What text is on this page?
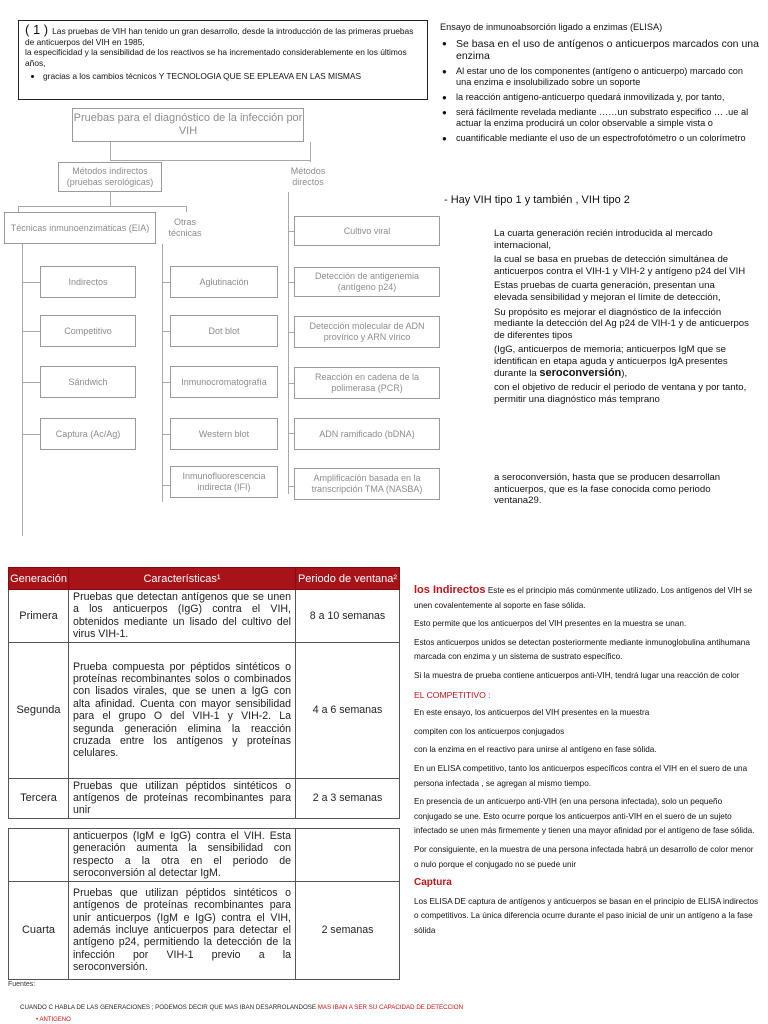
( 1 ) Las pruebas de VIH han tenido un gran desarrollo, desde la introducción de las primeras pruebas de anticuerpos del VIH en 1985,
la especificidad y la sensibilidad de los reactivos se ha incrementado considerablemente en los últimos años,
• gracias a los cambios técnicos Y TECNOLOGIA QUE SE EPLEAVA EN LAS MISMAS
Pruebas para el diagnóstico de la infección por VIH
Métodos indirectos (pruebas serológicas)
Métodos directos
Técnicas inmunoenzimáticas (EIA)
Otras técnicas
Indirectos
Competitivo
Sándwich
Captura (Ac/Ag)
Aglutinación
Dot blot
Inmunocromatografía
Western blot
Inmunofluorescencia indirecta (IFI)
Cultivo viral
Detección de antigenemia (antígeno p24)
Detección molecular de ADN provírico y ARN vírico
Reacción en cadena de la polimerasa (PCR)
ADN ramificado (bDNA)
Amplificación basada en la transcripción TMA (NASBA)
Ensayo de inmunoabsorción ligado a enzimas (ELISA)
● Se basa en el uso de antígenos o anticuerpos marcados con una enzima
● Al estar uno de los componentes (antígeno o anticuerpo) marcado con una enzima e insolubilizado sobre un soporte
● la reacción antígeno-anticuerpo quedará inmovilizada y, por tanto,
● será fácilmente revelada mediante ……un substrato especifico … .ue al actuar la enzima producirá un color observable a simple vista o
● cuantificable mediante el uso de un espectrofotómetro o un colorímetro
- Hay VIH tipo 1 y también , VIH tipo 2

La cuarta generación recién introducida al mercado internacional,

la cual se basa en pruebas de detección simultánea de anticuerpos contra el VIH-1 y VIH-2 y antígeno p24 del VIH

Estas pruebas de cuarta generación, presentan una elevada sensibilidad y mejoran el límite de detección,

Su propósito es mejorar el diagnóstico de la infección mediante la detección del Ag p24 de VIH-1 y de anticuerpos de diferentes tipos

(IgG, anticuerpos de memoria; anticuerpos IgM que se identifican en etapa aguda y anticuerpos IgA presentes durante la seroconversión),

con el objetivo de reducir el periodo de ventana y por tanto, permitir una diagnóstico más temprano

a seroconversión, hasta que se producen desarrollan anticuerpos, que es la fase conocida como periodo ventana29.
Generación	Características¹	Periodo de ventana²
Primera	Pruebas que detectan antígenos que se unen a los anticuerpos (IgG) contra el VIH, obtenidos mediante un lisado del cultivo del virus VIH-1.	8 a 10 semanas
Segunda	Prueba compuesta por péptidos sintéticos o proteínas recombinantes solos o combinados con lisados virales, que se unen a IgG con alta afinidad. Cuenta con mayor sensibilidad para el grupo O del VIH-1 y VIH-2. La segunda generación elimina la reacción cruzada entre los antígenos y proteínas celulares.	4 a 6 semanas
Tercera	Pruebas que utilizan péptidos sintéticos o antígenos de proteínas recombinantes para unir	2 a 3 semanas
	anticuerpos (IgM e IgG) contra el VIH. Esta generación aumenta la sensibilidad con respecto a la otra en el periodo de seroconversión al detectar IgM.	
Cuarta	Pruebas que utilizan péptidos sintéticos o antígenos de proteínas recombinantes para unir anticuerpos (IgM e IgG) contra el VIH, además incluye anticuerpos para detectar el antígeno p24, permitiendo la detección de la infección por VIH-1 previo a la seroconversión.	2 semanas
Fuentes:
CUANDO C HABLA DE LAS GENERACIONES ; PODEMOS DECIR QUE MAS IBAN DESARROLANDOSE MAS IBAN A SER SU CAPACIDAD DE DETECCION
• ANTIGENO

los Indirectos Este es el principio más comúnmente utilizado. Los antígenos del VIH se unen covalentemente al soporte en fase sólida.

Esto permite que los anticuerpos del VIH presentes en la muestra se unan.

Estos anticuerpos unidos se detectan posteriormente mediante inmunoglobulina antihumana marcada con enzima y un sistema de sustrato específico.

Si la muestra de prueba contiene anticuerpos anti-VIH, tendrá lugar una reacción de color

EL COMPETITIVO :

En este ensayo, los anticuerpos del VIH presentes en la muestra

compiten con los anticuerpos conjugados

con la enzima en el reactivo para unirse al antígeno en fase sólida.

En un ELISA competitivo, tanto los anticuerpos específicos contra el VIH en el suero de una persona infectada , se agregan al mismo tiempo.

En presencia de un anticuerpo anti-VIH (en una persona infectada), solo un pequeño conjugado se une. Esto ocurre porque los anticuerpos anti-VIH en el suero de un sujeto infectado se unen más firmemente y tienen una mayor afinidad por el antígeno de fase sólida.

Por consiguiente, en la muestra de una persona infectada habrá un desarrollo de color menor o nulo porque el conjugado no se puede unir

Captura

Los ELISA DE captura de antígenos y anticuerpos se basan en el principio de ELISA indirectos o competitivos. La única diferencia ocurre durante el paso inicial de unir un antígeno a la fase sólida
